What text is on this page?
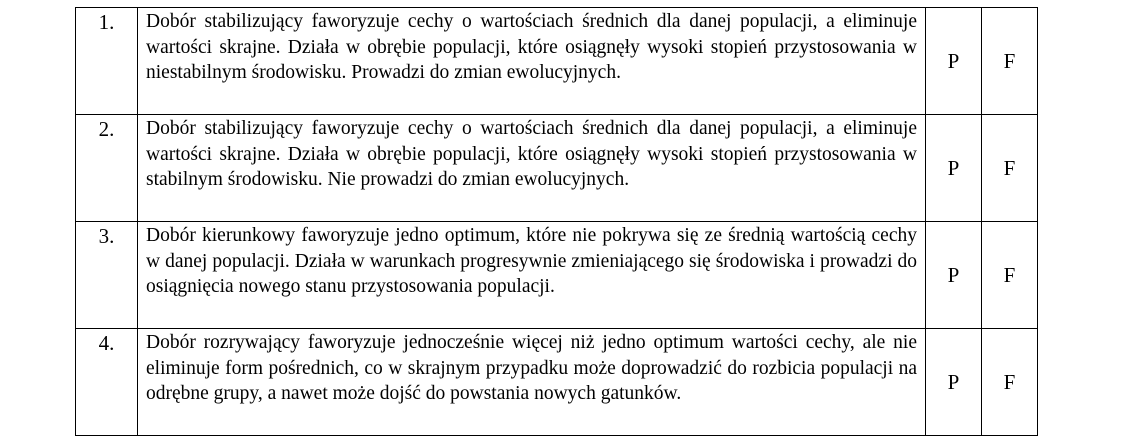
1.	Dobór stabilizujący faworyzuje cechy o wartościach średnich dla danej populacji, a eliminuje wartości skrajne. Działa w obrębie populacji, które osiągnęły wysoki stopień przystosowania w niestabilnym środowisku. Prowadzi do zmian ewolucyjnych.	P	F
2.	Dobór stabilizujący faworyzuje cechy o wartościach średnich dla danej populacji, a eliminuje wartości skrajne. Działa w obrębie populacji, które osiągnęły wysoki stopień przystosowania w stabilnym środowisku. Nie prowadzi do zmian ewolucyjnych.	P	F
3.	Dobór kierunkowy faworyzuje jedno optimum, które nie pokrywa się ze średnią wartością cechy w danej populacji. Działa w warunkach progresywnie zmieniającego się środowiska i prowadzi do osiągnięcia nowego stanu przystosowania populacji.	P	F
4.	Dobór rozrywający faworyzuje jednocześnie więcej niż jedno optimum wartości cechy, ale nie eliminuje form pośrednich, co w skrajnym przypadku może doprowadzić do rozbicia populacji na odrębne grupy, a nawet może dojść do powstania nowych gatunków.	P	F
